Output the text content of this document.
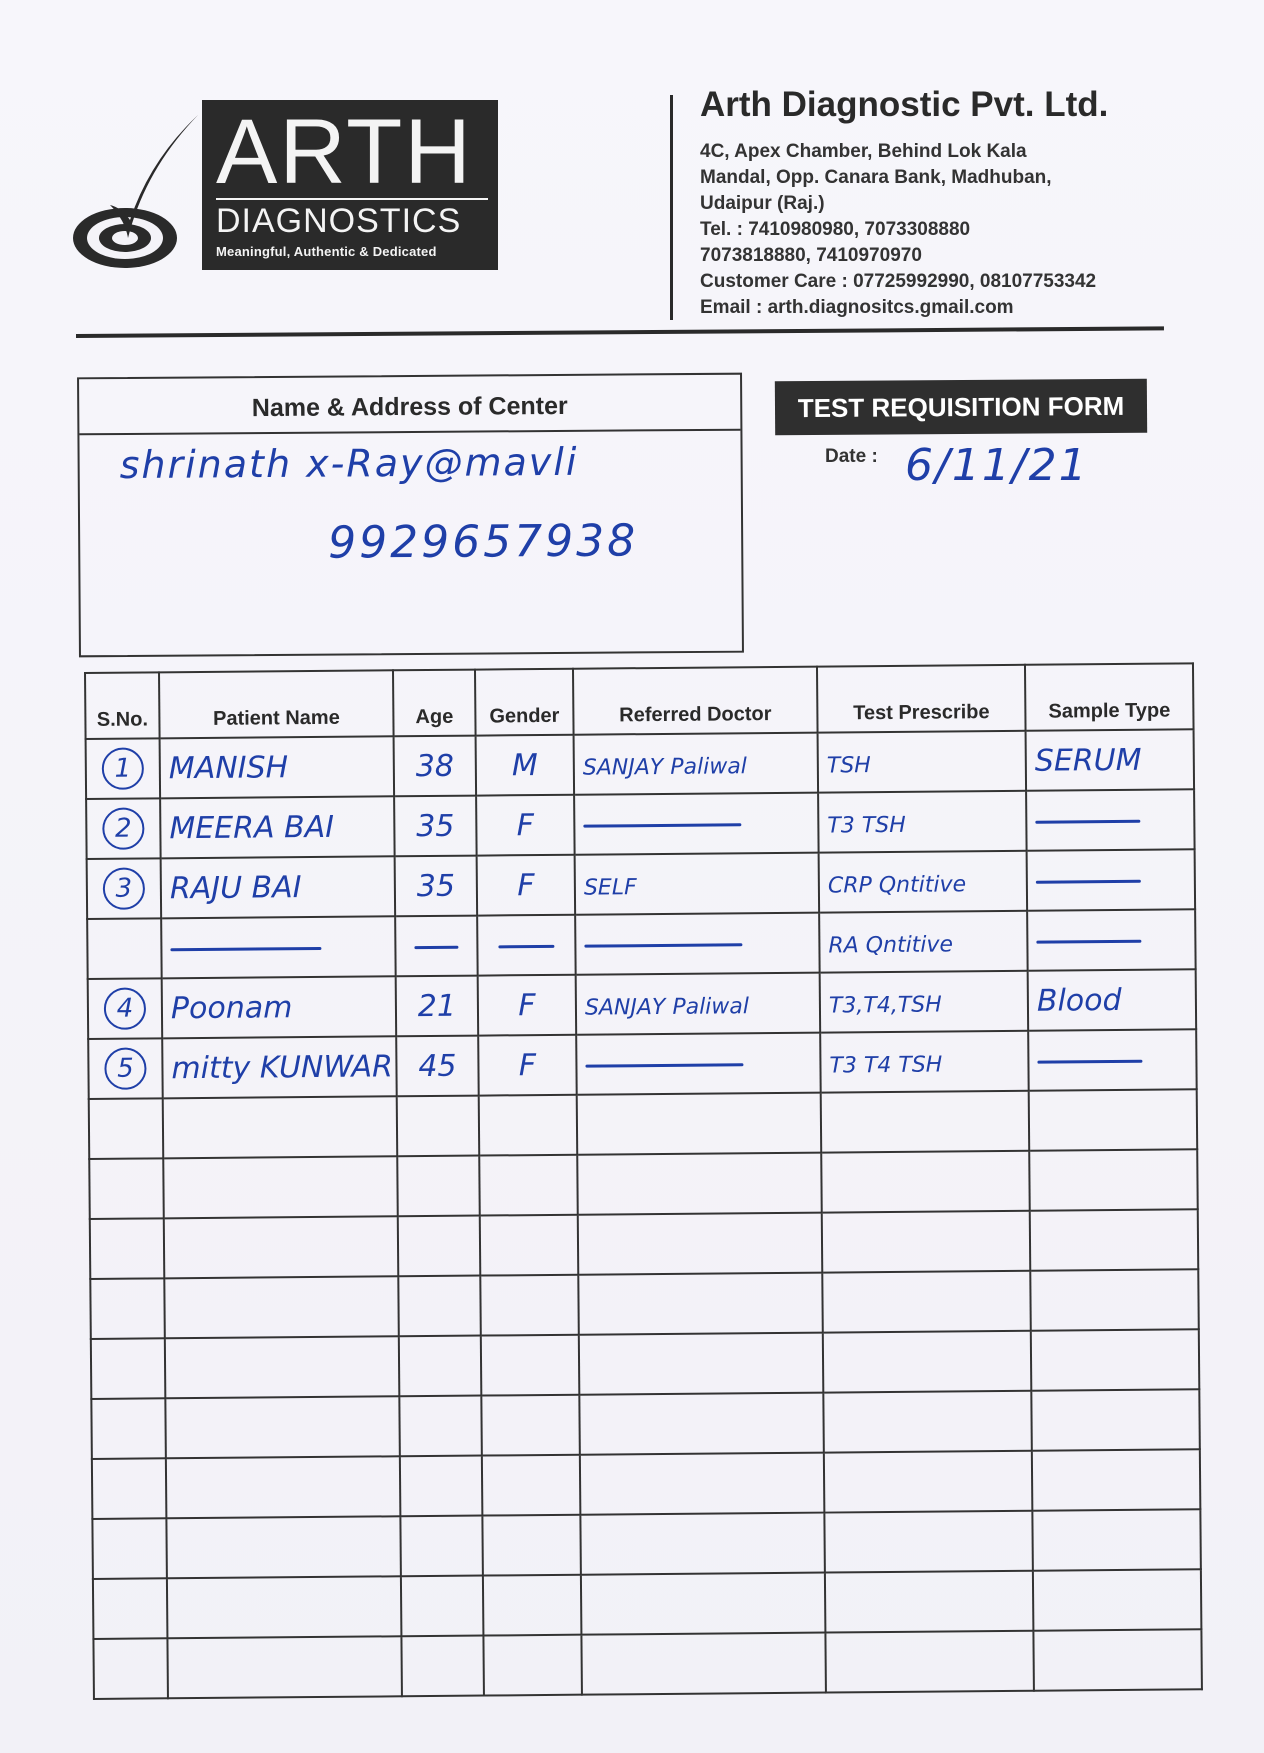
ARTH
DIAGNOSTICS
Meaningful, Authentic & Dedicated
Arth Diagnostic Pvt. Ltd.
4C, Apex Chamber, Behind Lok Kala
Mandal, Opp. Canara Bank, Madhuban,
Udaipur (Raj.)
Tel. : 7410980980, 7073308880
7073818880, 7410970970
Customer Care : 07725992990, 08107753342
Email : arth.diagnositcs.gmail.com
Name & Address of Center
shrinath x-Ray@mavli
9929657938
TEST REQUISITION FORM
Date : 6/11/21
S.No.	Patient Name	Age	Gender	Referred Doctor	Test Prescribe	Sample Type
1	MANISH	38	M	SANJAY Paliwal	TSH	SERUM
2	MEERA BAI	35	F		T3 TSH	
3	RAJU BAI	35	F	SELF	CRP Qntitive	
					RA Qntitive	
4	Poonam	21	F	SANJAY Paliwal	T3,T4,TSH	Blood
5	mitty KUNWAR	45	F		T3 T4 TSH	
